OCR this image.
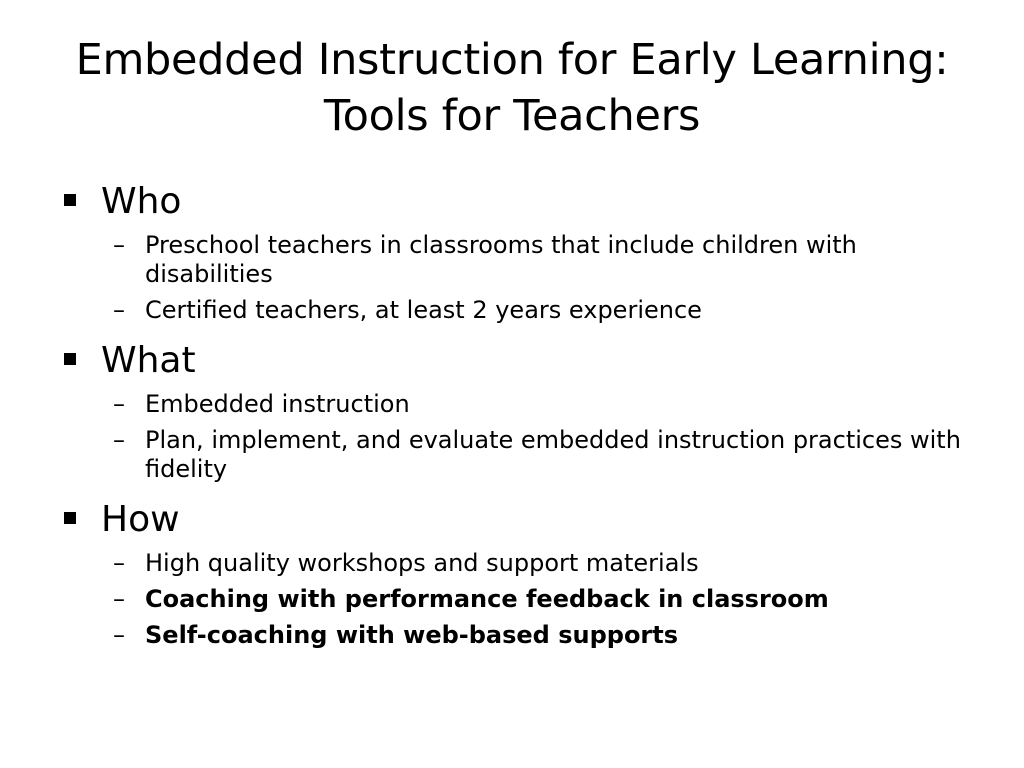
Embedded Instruction for Early Learning: Tools for Teachers

Who

– Preschool teachers in classrooms that include children with disabilities
– Certified teachers, at least 2 years experience

What

– Embedded instruction
– Plan, implement, and evaluate embedded instruction practices with fidelity

How

– High quality workshops and support materials
– Coaching with performance feedback in classroom
– Self-coaching with web-based supports
